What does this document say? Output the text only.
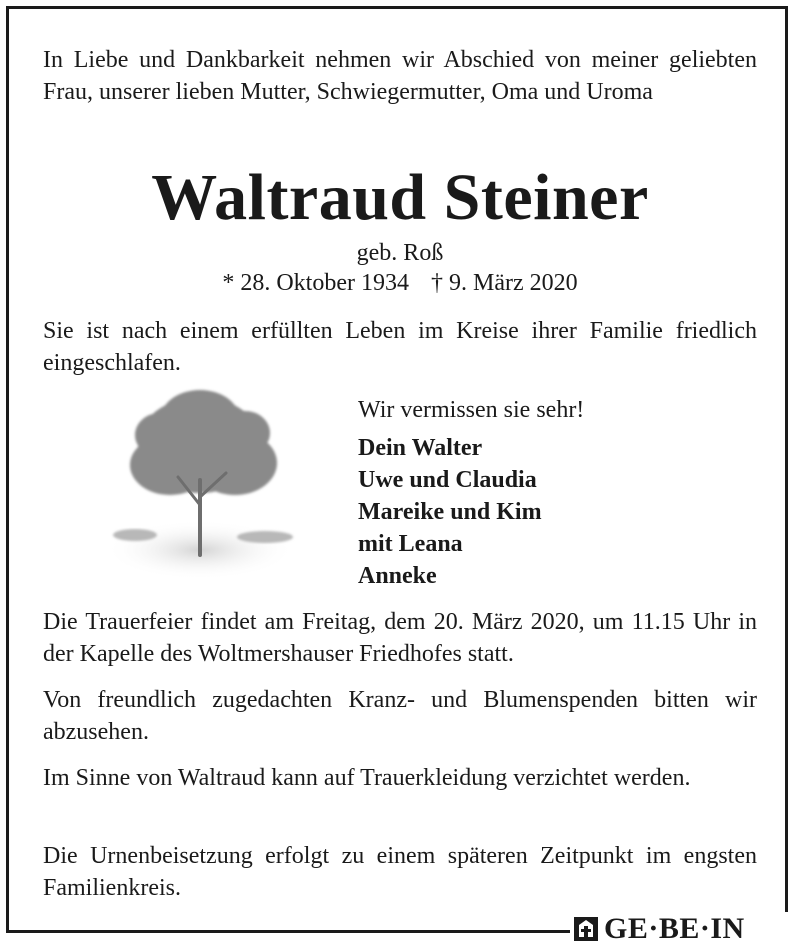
In Liebe und Dankbarkeit nehmen wir Abschied von meiner geliebten Frau, unserer lieben Mutter, Schwiegermutter, Oma und Uroma

Waltraud Steiner
geb. Roß
* 28. Oktober 1934 † 9. März 2020

Sie ist nach einem erfüllten Leben im Kreise ihrer Familie friedlich eingeschlafen.

Wir vermissen sie sehr!
Dein Walter
Uwe und Claudia
Mareike und Kim
mit Leana
Anneke

Die Trauerfeier findet am Freitag, dem 20. März 2020, um 11.15 Uhr in der Kapelle des Woltmershauser Friedhofes statt.

Von freundlich zugedachten Kranz- und Blumenspenden bitten wir abzusehen.

Im Sinne von Waltraud kann auf Trauerkleidung verzichtet werden.

Die Urnenbeisetzung erfolgt zu einem späteren Zeitpunkt im engsten Familienkreis.

GE·BE·IN
